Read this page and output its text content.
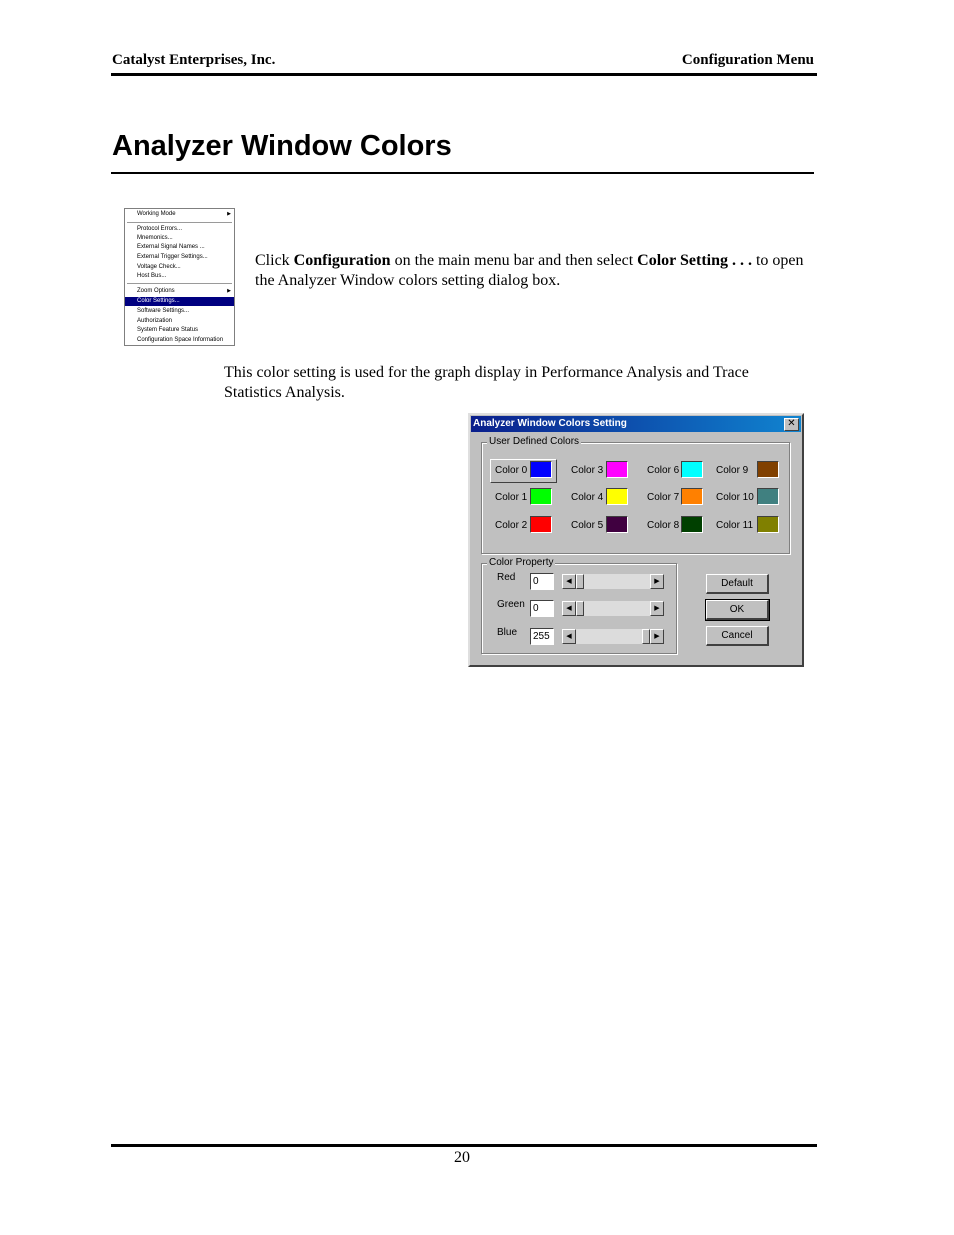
Catalyst Enterprises, Inc.	Configuration Menu
Analyzer Window Colors
Working Mode	▶
Protocol Errors...
Mnemonics...
External Signal Names ...
External Trigger Settings...
Voltage Check...
Host Bus...
Zoom Options	▶
Color Settings...
Software Settings...
Authorization
System Feature Status
Configuration Space Information
Click Configuration on the main menu bar and then select Color Setting . . . to open the Analyzer Window colors setting dialog box.
This color setting is used for the graph display in Performance Analysis and Trace Statistics Analysis.
Analyzer Window Colors Setting	✕
User Defined Colors
Color 0
Color 1
Color 2
Color 3
Color 4
Color 5
Color 6
Color 7
Color 8
Color 9
Color 10
Color 11
Color Property
Red	0	◀	▶
Green 0	◀	▶
Blue	255	◀	▶
Default
OK
Cancel
20
